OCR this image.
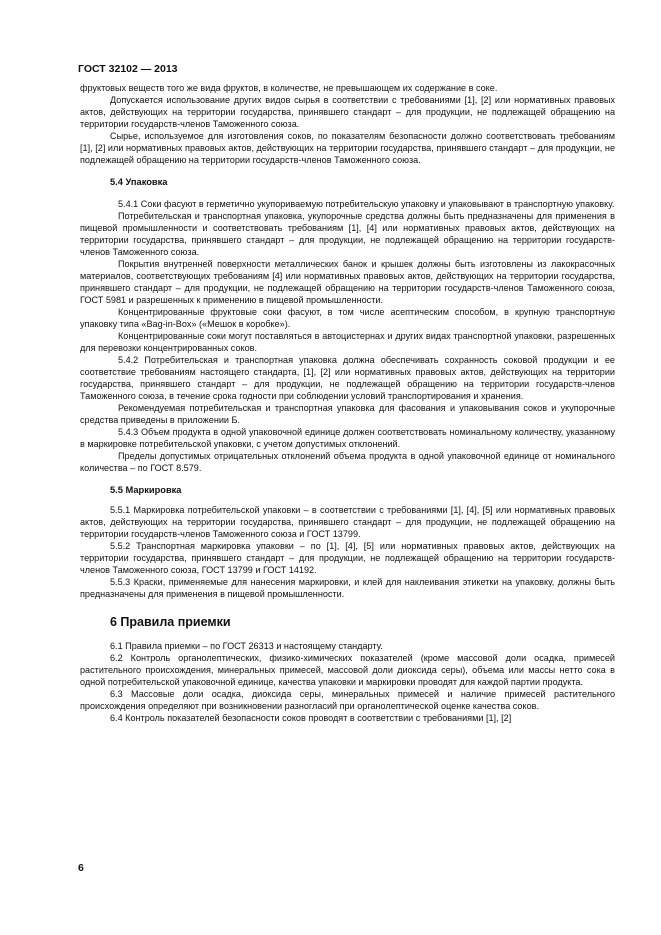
ГОСТ 32102 — 2013

фруктовых веществ того же вида фруктов, в количестве, не превышающем их содержание в соке.

Допускается использование других видов сырья в соответствии с требованиями [1], [2] или нормативных правовых актов, действующих на территории государства, принявшего стандарт – для продукции, не подлежащей обращению на территории государств-членов Таможенного союза.

Сырье, используемое для изготовления соков, по показателям безопасности должно соответствовать требованиям [1], [2] или нормативных правовых актов, действующих на территории государства, принявшего стандарт – для продукции, не подлежащей обращению на территории государств-членов Таможенного союза.

5.4 Упаковка

5.4.1 Соки фасуют в герметично укупориваемую потребительскую упаковку и упаковывают в транспортную упаковку.

Потребительская и транспортная упаковка, укупорочные средства должны быть предназначены для применения в пищевой промышленности и соответствовать требованиям [1], [4] или нормативных правовых актов, действующих на территории государства, принявшего стандарт – для продукции, не подлежащей обращению на территории государств-членов Таможенного союза.

Покрытия внутренней поверхности металлических банок и крышек должны быть изготовлены из лакокрасочных материалов, соответствующих требованиям [4] или нормативных правовых актов, действующих на территории государства, принявшего стандарт – для продукции, не подлежащей обращению на территории государств-членов Таможенного союза, ГОСТ 5981 и разрешенных к применению в пищевой промышленности.

Концентрированные фруктовые соки фасуют, в том числе асептическим способом, в крупную транспортную упаковку типа «Bag-in-Box» («Мешок в коробке»).

Концентрированные соки могут поставляться в автоцистернах и других видах транспортной упаковки, разрешенных для перевозки концентрированных соков.

5.4.2 Потребительская и транспортная упаковка должна обеспечивать сохранность соковой продукции и ее соответствие требованиям настоящего стандарта, [1], [2] или нормативных правовых актов, действующих на территории государства, принявшего стандарт – для продукции, не подлежащей обращению на территории государств-членов Таможенного союза, в течение срока годности при соблюдении условий транспортирования и хранения.

Рекомендуемая потребительская и транспортная упаковка для фасования и упаковывания соков и укупорочные средства приведены в приложении Б.

5.4.3 Объем продукта в одной упаковочной единице должен соответствовать номинальному количеству, указанному в маркировке потребительской упаковки, с учетом допустимых отклонений.

Пределы допустимых отрицательных отклонений объема продукта в одной упаковочной единице от номинального количества – по ГОСТ 8.579.

5.5 Маркировка

5.5.1 Маркировка потребительской упаковки – в соответствии с требованиями [1], [4], [5] или нормативных правовых актов, действующих на территории государства, принявшего стандарт – для продукции, не подлежащей обращению на территории государств-членов Таможенного союза и ГОСТ 13799.

5.5.2 Транспортная маркировка упаковки – по [1], [4], [5] или нормативных правовых актов, действующих на территории государства, принявшего стандарт – для продукции, не подлежащей обращению на территории государств-членов Таможенного союза, ГОСТ 13799 и ГОСТ 14192.

5.5.3 Краски, применяемые для нанесения маркировки, и клей для наклеивания этикетки на упаковку, должны быть предназначены для применения в пищевой промышленности.

6 Правила приемки

6.1 Правила приемки – по ГОСТ 26313 и настоящему стандарту.

6.2 Контроль органолептических, физико-химических показателей (кроме массовой доли осадка, примесей растительного происхождения, минеральных примесей, массовой доли диоксида серы), объема или массы нетто сока в одной потребительской упаковочной единице, качества упаковки и маркировки проводят для каждой партии продукта.

6.3 Массовые доли осадка, диоксида серы, минеральных примесей и наличие примесей растительного происхождения определяют при возникновении разногласий при органолептической оценке качества соков.

6.4 Контроль показателей безопасности соков проводят в соответствии с требованиями [1], [2]

6
